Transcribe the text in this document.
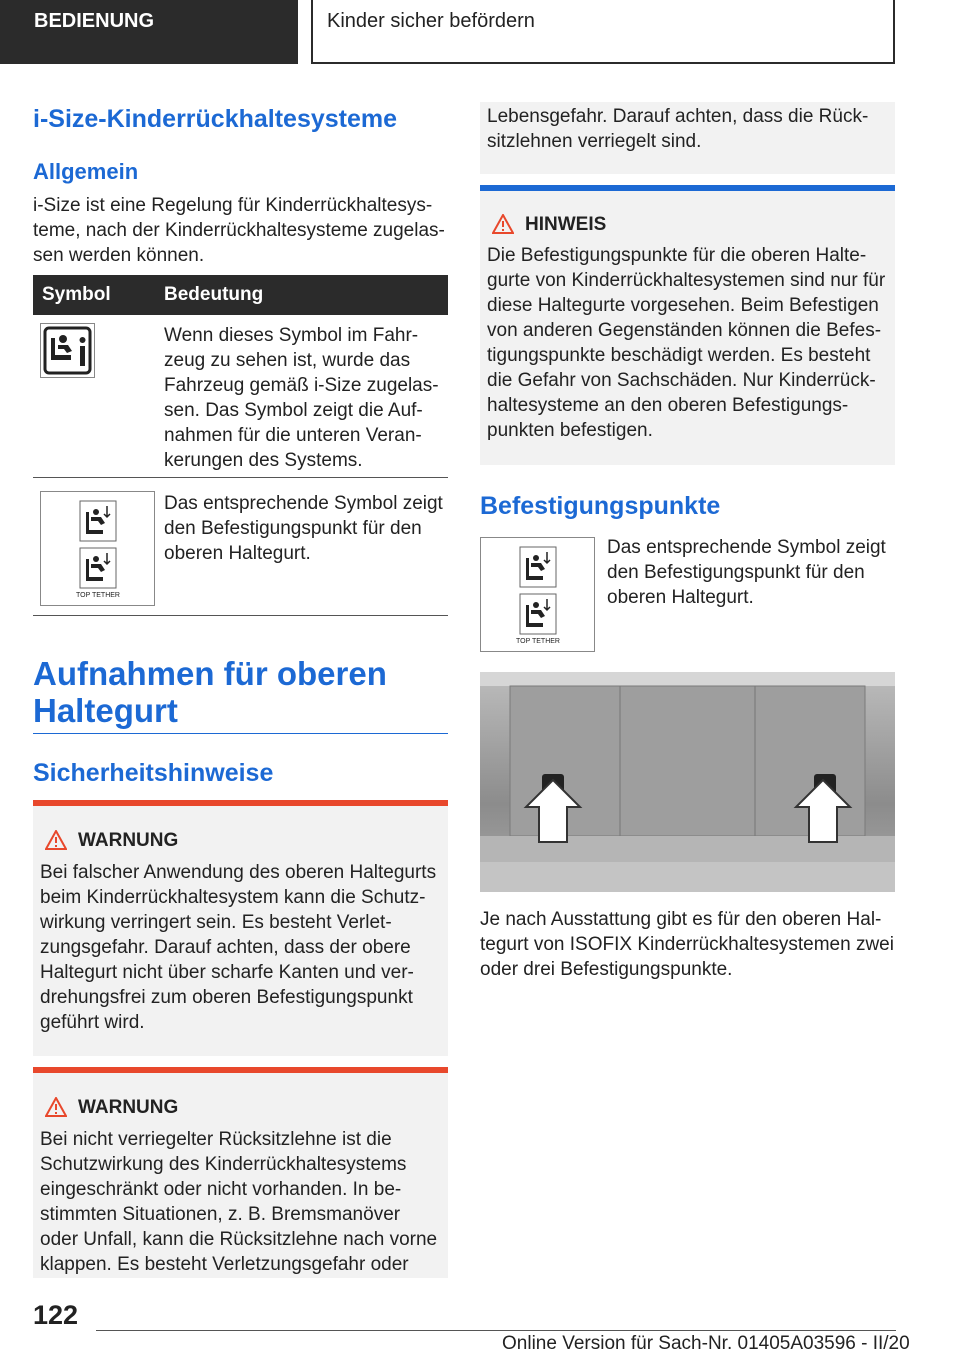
BEDIENUNG	Kinder sicher befördern
i-Size-Kinderrückhaltesysteme
Allgemein

i-Size ist eine Regelung für Kinderrückhaltesys-teme, nach der Kinderrückhaltesysteme zugelas-sen werden können.

Symbol	Bedeutung

Wenn dieses Symbol im Fahr-zeug zu sehen ist, wurde das Fahrzeug gemäß i-Size zugelas-sen. Das Symbol zeigt die Auf-nahmen für die unteren Veran-kerungen des Systems.

TOP TETHER

Das entsprechende Symbol zeigt den Befestigungspunkt für den oberen Haltegurt.

Aufnahmen für oberen
Haltegurt
Sicherheitshinweise
WARNUNG
Bei falscher Anwendung des oberen Haltegurts beim Kinderrückhaltesystem kann die Schutz-wirkung verringert sein. Es besteht Verlet-zungsgefahr. Darauf achten, dass der obere Haltegurt nicht über scharfe Kanten und ver-drehungsfrei zum oberen Befestigungspunkt geführt wird.
WARNUNG
Bei nicht verriegelter Rücksitzlehne ist die Schutzwirkung des Kinderrückhaltesystems eingeschränkt oder nicht vorhanden. In be-stimmten Situationen, z. B. Bremsmanöver oder Unfall, kann die Rücksitzlehne nach vorne klappen. Es besteht Verletzungsgefahr oder
Lebensgefahr. Darauf achten, dass die Rück-sitzlehnen verriegelt sind.
HINWEIS
Die Befestigungspunkte für die oberen Halte-gurte von Kinderrückhaltesystemen sind nur für diese Haltegurte vorgesehen. Beim Befestigen von anderen Gegenständen können die Befes-tigungspunkte beschädigt werden. Es besteht die Gefahr von Sachschäden. Nur Kinderrück-haltesysteme an den oberen Befestigungs-punkten befestigen.
Befestigungspunkte
TOP TETHER

Das entsprechende Symbol zeigt den Befestigungspunkt für den oberen Haltegurt.

Je nach Ausstattung gibt es für den oberen Hal-tegurt von ISOFIX Kinderrückhaltesystemen zwei oder drei Befestigungspunkte.

122
Online Version für Sach-Nr. 01405A03596 - II/20
